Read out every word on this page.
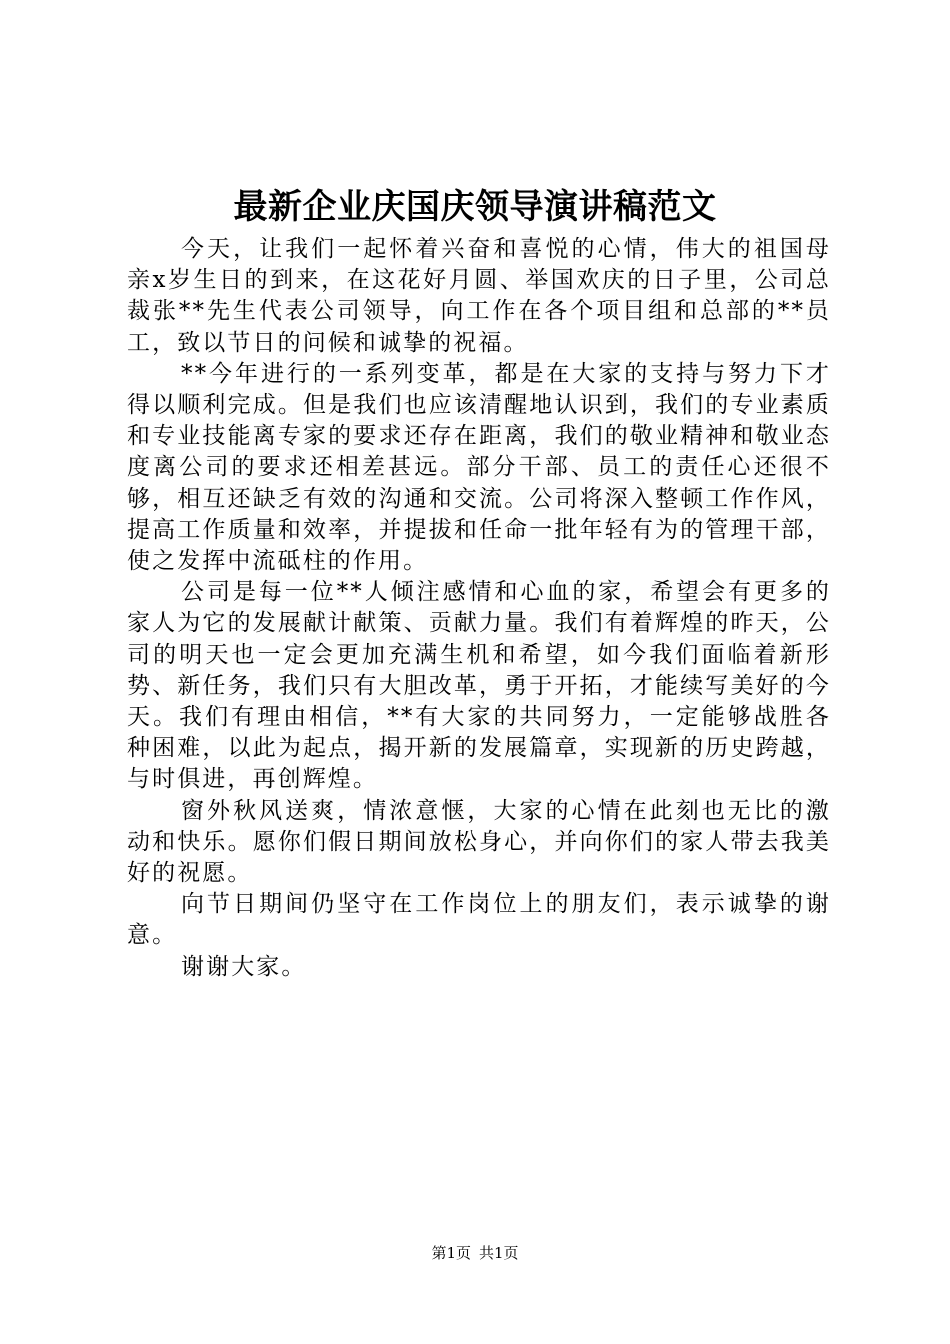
最新企业庆国庆领导演讲稿范文

今天，让我们一起怀着兴奋和喜悦的心情，伟大的祖国母亲x岁生日的到来，在这花好月圆、举国欢庆的日子里，公司总裁张**先生代表公司领导，向工作在各个项目组和总部的**员工，致以节日的问候和诚挚的祝福。

**今年进行的一系列变革，都是在大家的支持与努力下才得以顺利完成。但是我们也应该清醒地认识到，我们的专业素质和专业技能离专家的要求还存在距离，我们的敬业精神和敬业态度离公司的要求还相差甚远。部分干部、员工的责任心还很不够，相互还缺乏有效的沟通和交流。公司将深入整顿工作作风，提高工作质量和效率，并提拔和任命一批年轻有为的管理干部，使之发挥中流砥柱的作用。

公司是每一位**人倾注感情和心血的家，希望会有更多的家人为它的发展献计献策、贡献力量。我们有着辉煌的昨天，公司的明天也一定会更加充满生机和希望，如今我们面临着新形势、新任务，我们只有大胆改革，勇于开拓，才能续写美好的今天。我们有理由相信，**有大家的共同努力，一定能够战胜各种困难，以此为起点，揭开新的发展篇章，实现新的历史跨越，与时俱进，再创辉煌。

窗外秋风送爽，情浓意惬，大家的心情在此刻也无比的激动和快乐。愿你们假日期间放松身心，并向你们的家人带去我美好的祝愿。

向节日期间仍坚守在工作岗位上的朋友们，表示诚挚的谢意。

谢谢大家。

第1页 共1页
